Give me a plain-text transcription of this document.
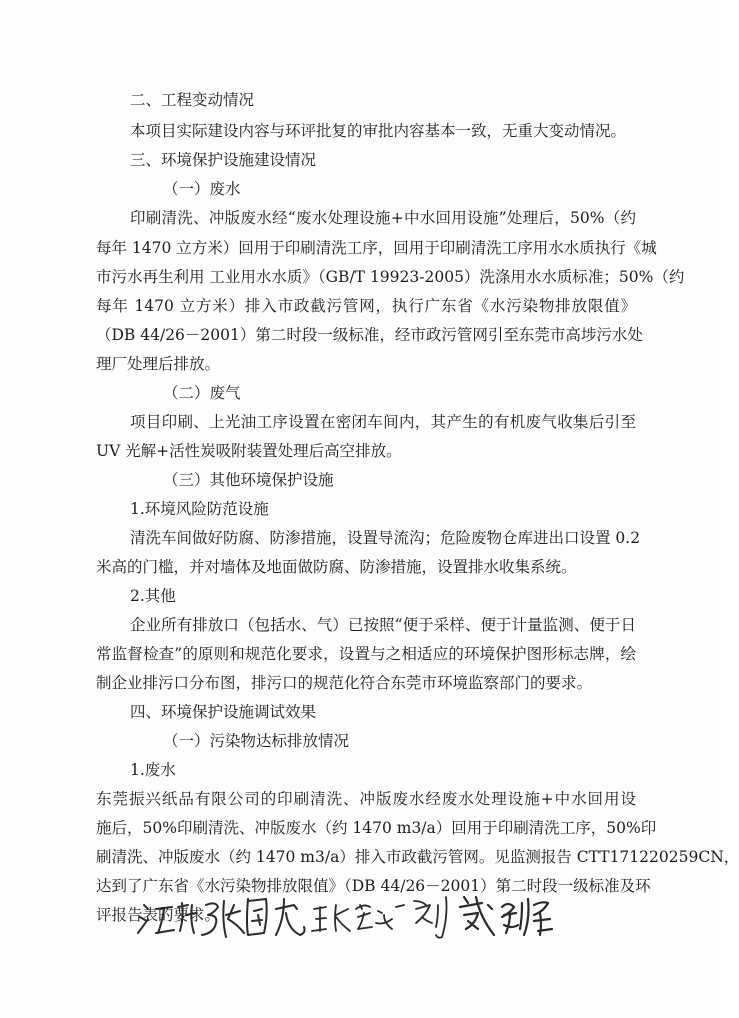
二、工程变动情况
本项目实际建设内容与环评批复的审批内容基本一致，无重大变动情况。
三、环境保护设施建设情况
（一）废水
印刷清洗、冲版废水经“废水处理设施+中水回用设施”处理后，50%（约
每年 1470 立方米）回用于印刷清洗工序，回用于印刷清洗工序用水水质执行《城
市污水再生利用 工业用水水质》（GB/T 19923-2005）洗涤用水水质标准；50%（约
每年 1470 立方米）排入市政截污管网，执行广东省《水污染物排放限值》
（DB 44/26－2001）第二时段一级标准，经市政污管网引至东莞市高埗污水处
理厂处理后排放。
（二）废气
项目印刷、上光油工序设置在密闭车间内，其产生的有机废气收集后引至
UV 光解+活性炭吸附装置处理后高空排放。
（三）其他环境保护设施
1.环境风险防范设施
清洗车间做好防腐、防渗措施，设置导流沟；危险废物仓库进出口设置 0.2
米高的门槛，并对墙体及地面做防腐、防渗措施，设置排水收集系统。
2.其他
企业所有排放口（包括水、气）已按照“便于采样、便于计量监测、便于日
常监督检查”的原则和规范化要求，设置与之相适应的环境保护图形标志牌，绘
制企业排污口分布图，排污口的规范化符合东莞市环境监察部门的要求。
四、环境保护设施调试效果
（一）污染物达标排放情况
1.废水
东莞振兴纸品有限公司的印刷清洗、冲版废水经废水处理设施+中水回用设
施后，50%印刷清洗、冲版废水（约 1470 m3/a）回用于印刷清洗工序，50%印
刷清洗、冲版废水（约 1470 m3/a）排入市政截污管网。见监测报告 CTT171220259CN，
达到了广东省《水污染物排放限值》（DB 44/26－2001）第二时段一级标准及环
评报告表的要求。
